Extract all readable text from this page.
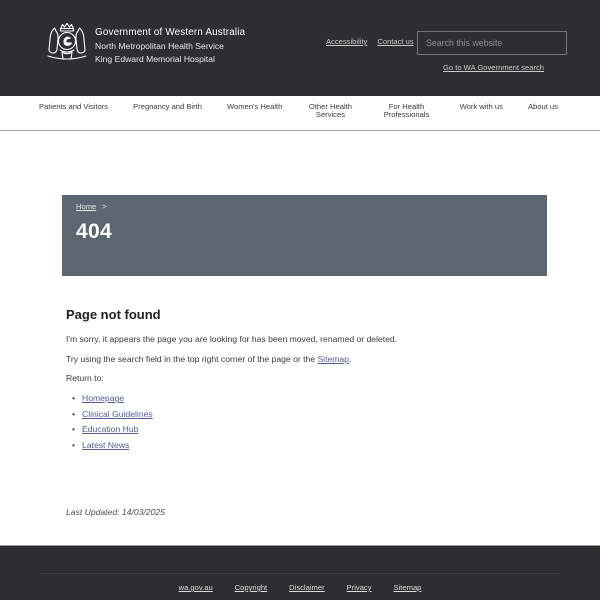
Government of Western Australia
North Metropolitan Health Service
King Edward Memorial Hospital
Accessibility Contact us
Search this website
Go to WA Government search
Patients and Visitors	Pregnancy and Birth	Women's Health	Other Health Services
For Health Professionals
Work with us	About us
Home >
404
Page not found

I'm sorry, it appears the page you are looking for has been moved, renamed or deleted.

Try using the search field in the top right corner of the page or the Sitemap.

Return to:

• Homepage
• Clinical Guidelines
• Education Hub
• Latest News
Last Updated: 14/03/2025
wa.gov.au	Copyright	Disclaimer	Privacy	Sitemap
